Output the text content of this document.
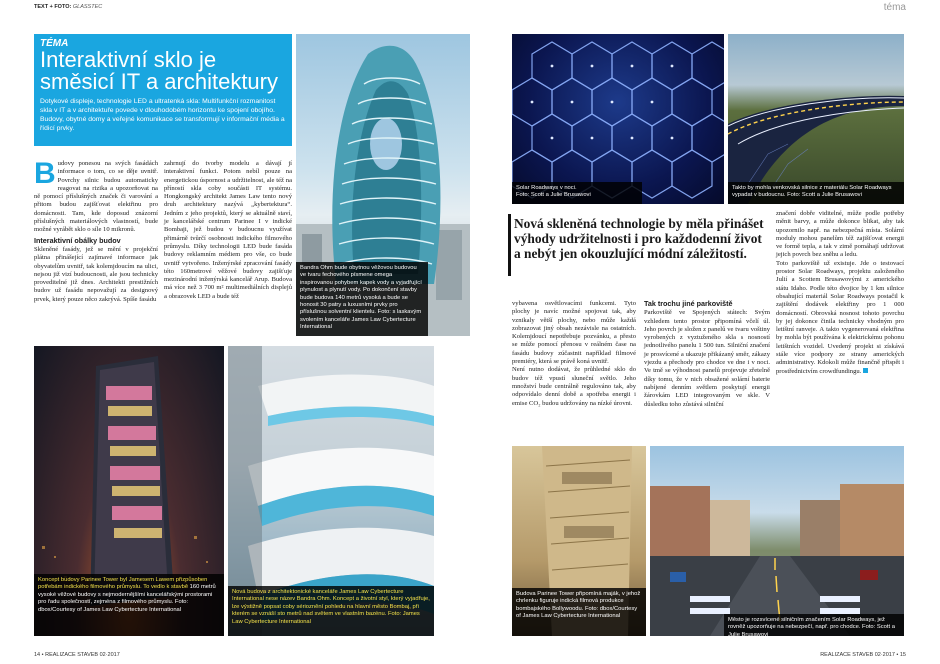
TEXT + FOTO: GLASSTEC
TÉMA
Interaktivní sklo je směsicí IT a architektury
Dotykové displeje, technologie LED a ultratenká skla: Multifunkční rozmanitost skla v IT a v architektuře povede v dlouhodobém horizontu ke spojení obojího. Budovy, obytné domy a veřejné komunikace se transformují v informační média a řídicí prvky.
Bandra Ohm bude obytnou věžovou budovou ve tvaru fechového písmene omega inspirovanou pohybem kapek vody a vyjadřující plynulost a plynutí vody. Po dokončení stavby bude budova 140 metrů vysoká a bude se honosit 30 patry a luxusními prvky pro příslušnou solventní klientelu. Foto: s laskavým svolením kanceláře James Law Cybertecture International
B udovy ponesou na svých fasádách informace o tom, co se děje uvnitř. Povrchy silnic budou automaticky reagovat na rizika a upozorňovat na ně pomocí příslušných značek či varování a přitom budou zajišťovat elektřinu pro domácnosti. Tam, kde doposud znázorní příslušných materiálových vlastností, bude možné vyrábět sklo o síle 10 mikronů.
Interaktivní obálky budov
Skleněné fasády, jež se mění v projekční plátna přinášející zajímavé informace jak obyvatelům uvnitř, tak kolemjdoucím na ulici, nejsou již vizí budoucnosti, ale jsou technicky proveditelné již dnes. Architekti prestižních budov už fasádu nepovažují za designový prvek, který pouze něco zakrývá. Spíše fasádu
zahrnují do tvorby modelu a dávají jí interaktivní funkci. Potom nebíl pouze na energetickou úspornost a udržitelnost, ale též na příností skla coby součásti IT systému. Hongkongský architekt James Law tento nový druh architektury nazývá „kybertektura“. Jedním z jeho projektů, který se aktuálně staví, je kancelářské centrum Parinee I v indické Bombaji, jež budou v budoucnu využívat přimárně tvůrčí osobnosti indického filmového průmyslu. Díky technologii LED bude fasáda budovy reklamním médiem pro vše, co bude uvnitř vytvořeno. Inženýrské zpracování fasády této 160metrové věžové budovy zajišťuje mezinárodní inženýrská kancelář Arup. Budova má více než 3 700 m² multimediálních displejů a obrazovek LED a bude též
Koncept budovy Parinee Tower byl Jamesem Lawem přizpůsoben potřebám indického filmového průmyslu. To vedlo k stavbě 160 metrů vysoké věžové budovy s nejmodernějšími kancelářskými prostorami pro řadu společností, zejména z filmového průmyslu. Foto: dbox/Courtesy of James Law Cybertecture International
Nová budova z architektonické kanceláře James Law Cybertecture International nese název Bandra Ohm. Koncept a životní styl, který vyjadřuje, lze výstižně popsat coby sérioznění pohledu na hlavní město Bombaj, při kterém se vznáší sto metrů nad světem ve vlastním bazénu. Foto: James Law Cybertecture International
14 • REALIZACE STAVEB 02·2017
téma
Solar Roadways v noci.
Foto: Scott a Julie Brusawovi
Takto by mohla venkovská silnice z materiálu Solar Roadways vypadat v budoucnu. Foto: Scott a Julie Brusawovi
Nová skleněná technologie by měla přinášet výhody udržitelnosti i pro každodenní život a nebýt jen okouzlující módní záležitostí.
značení dobře viditelné, může podle potřeby měnit barvy, a může dokonce blikat, aby tak upozornilo např. na nebezpečná místa. Solární moduly mohou panelům též zajišťovat energii ve formě tepla, a tak v zimě pomáhají udržovat jejich povrch bez sněhu a ledu.
Toto parkoviště už existuje. Jde o testovací prostor Solar Roadways, projektu založeného Julií a Scottem Brusawovými z amerického státu Idaho. Podle této dvojice by 1 km silnice obsahující materiál Solar Roadways postačil k zajištění dodávek elektřiny pro 1 000 domácností. Obrovská nosnost tohoto povrchu by jej dokonce činila technicky vhodným pro letištní ranveje. A takto vygenerovaná elektřina by mohla být používána k elektrickému pohonu letištních vozidel. Uvedený projekt si získává stále více podpory ze strany amerických administrativy. Kdokoli může finančně přispět i prostřednictvím crowdfundingu.
vybavena osvětlovacími funkcemi. Tyto plochy je navíc možné spojovat tak, aby vznikaly větší plochy, nebo může každá zobrazovat jiný obsah nezávisle na ostatních. Kolemjdoucí nepotřebuje pozvánku, a přesto se může pomocí přenosu v reálném čase na fasádu budovy zúčastnit například filmové premiéry, která se právě koná uvnitř.
Není nutno dodávat, že průhledné sklo do budov též vpustí sluneční světlo. Jeho množství bude centrálně regulováno tak, aby odpovídalo denní době a spotřeba energii i emise CO₂ budou udržovány na nízké úrovni.
Tak trochu jiné parkoviště
Parkoviště ve Spojených státech: Svým vzhledem tento prostor připomíná včelí úl. Jeho povrch je složen z panelů ve tvaru voštiny vyrobených z vyztuženého skla s nosností jednotlivého panelu 1 500 tun. Silniční značení je prosvícené a ukazuje přikázaný směr, zákazy vjezdu a přechody pro chodce ve dne i v noci. Ve tmě se výhodnost panelů projevuje zřetelně díky tomu, že v nich obsažené solární baterie nabíjené denním světlem poskytují energii žárovkám LED integrovaným ve skle. V důsledku toho zůstává silniční
Budova Parinee Tower připomíná maják, v jehož chrlenku figuruje indická filmová produkce bombajského Bollywoodu. Foto: dbox/Courtesy of James Law Cybertecture International
Město je rozsvícené silničním značením Solar Roadways, jež rovněž upozorňuje na nebezpečí, např. pro chodce. Foto: Scott a Julie Brusawovi
REALIZACE STAVEB 02·2017 • 15
